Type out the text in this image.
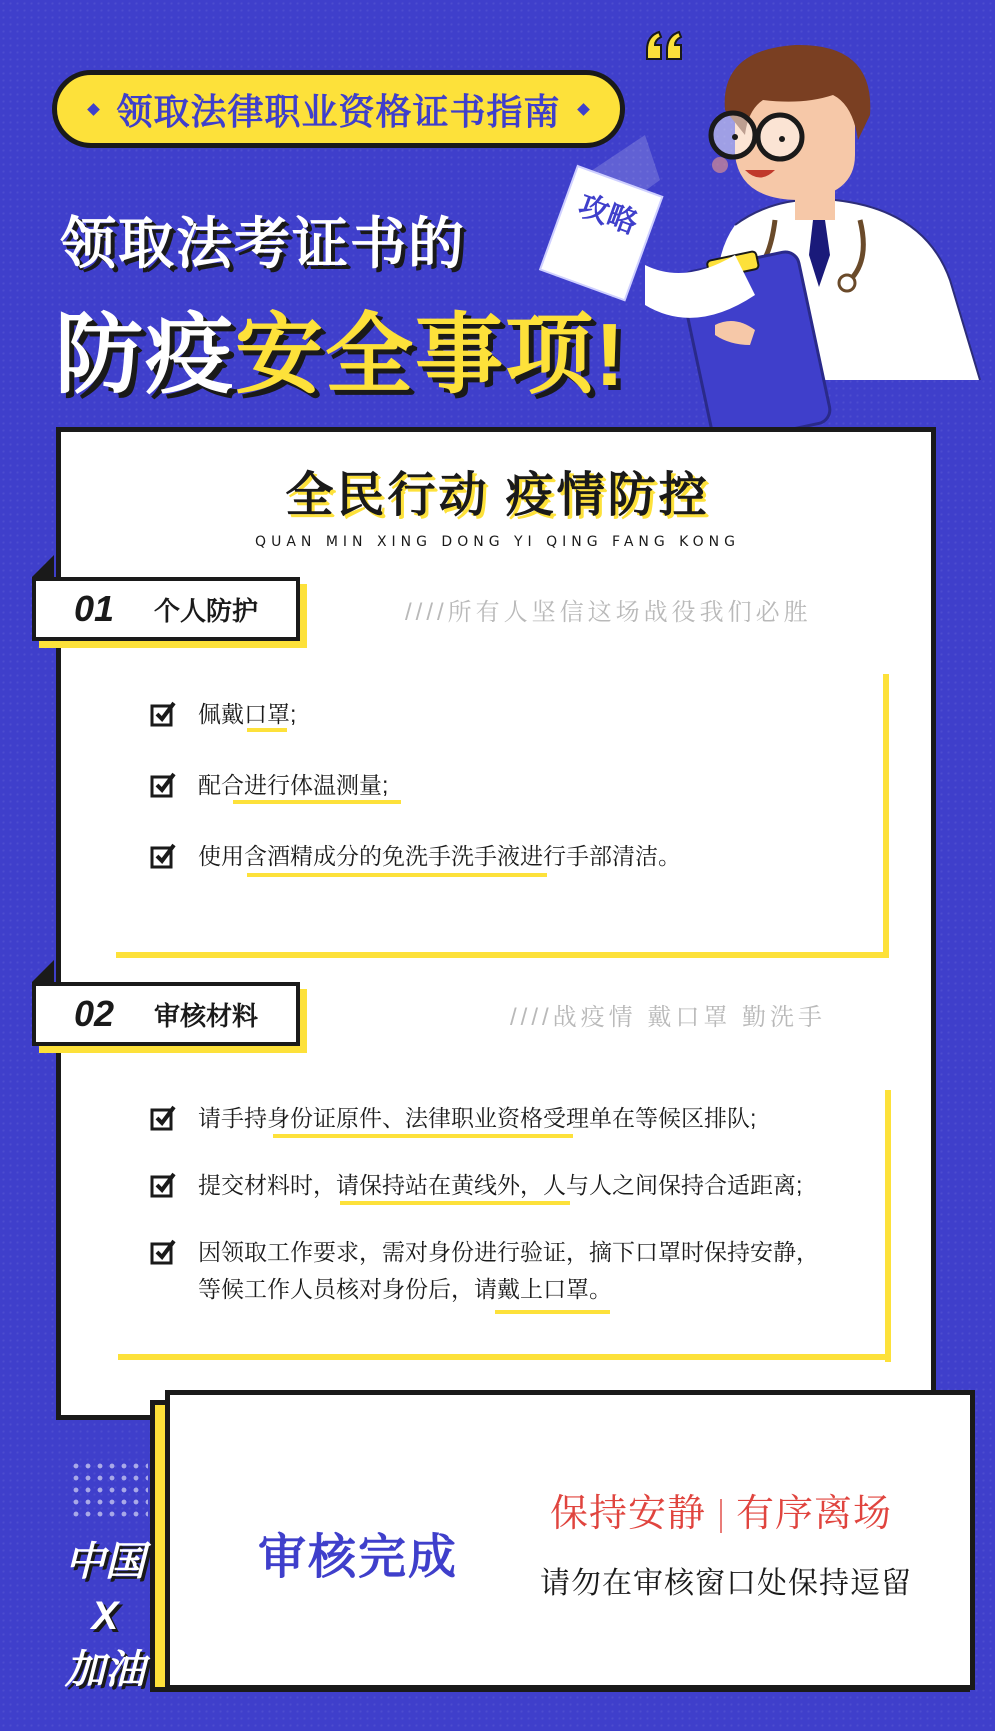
领取法律职业资格证书指南
领取法考证书的
防疫安全事项!
攻略
全民行动 疫情防控
QUAN MIN XING DONG YI QING FANG KONG
01	个人防护	////所有人坚信这场战役我们必胜
佩戴口罩;
配合进行体温测量;
使用含酒精成分的免洗手洗手液进行手部清洁。
02	审核材料	////战疫情 戴口罩 勤洗手
请手持身份证原件、法律职业资格受理单在等候区排队;
提交材料时，请保持站在黄线外，人与人之间保持合适距离;
因领取工作要求，需对身份进行验证，摘下口罩时保持安静，
等候工作人员核对身份后，请戴上口罩。
审核完成
保持安静 有序离场
请勿在审核窗口处保持逗留
中国
X
加油
